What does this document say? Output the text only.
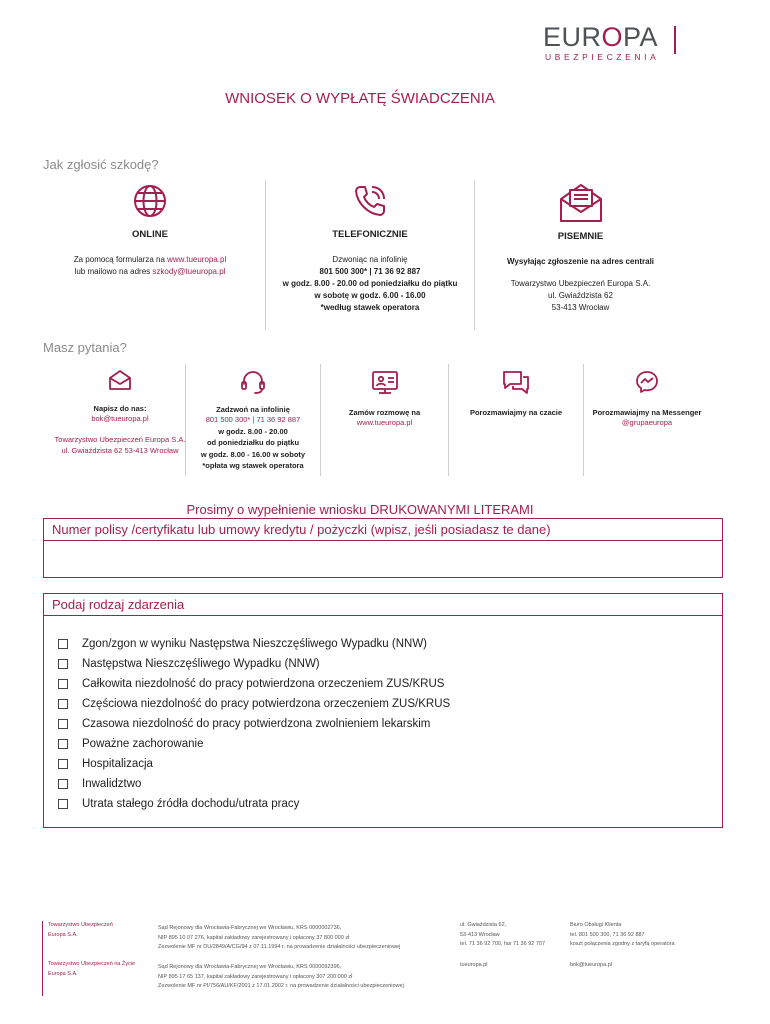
EUROPA
UBEZPIECZENIA
WNIOSEK O WYPŁATĘ ŚWIADCZENIA
Jak zgłosić szkodę?
ONLINE
Za pomocą formularza na www.tueuropa.pl
lub mailowo na adres szkody@tueuropa.pl
TELEFONICZNIE
Dzwoniąc na infolinię
801 500 300* | 71 36 92 887
w godz. 8.00 - 20.00 od poniedziałku do piątku
w sobotę w godz. 6.00 - 16.00
*według stawek operatora
PISEMNIE
Wysyłając zgłoszenie na adres centrali
Towarzystwo Ubezpieczeń Europa S.A.
ul. Gwiaździsta 62
53-413 Wrocław
Masz pytania?
Napisz do nas:
bok@tueuropa.pl
Towarzystwo Ubezpieczeń Europa S.A.
ul. Gwiaździsta 62 53-413 Wrocław
Zadzwoń na infolinię
801 500 300* | 71 36 92 887
w godz. 8.00 - 20.00
od poniedziałku do piątku
w godz. 8.00 - 16.00 w soboty
*opłata wg stawek operatora
Zamów rozmowę na
www.tueuropa.pl
Porozmawiajmy na czacie	Porozmawiajmy na Messenger
@grupaeuropa
Prosimy o wypełnienie wniosku DRUKOWANYMI LITERAMI
Numer polisy /certyfikatu lub umowy kredytu / pożyczki (wpisz, jeśli posiadasz te dane)
Podaj rodzaj zdarzenia
Zgon/zgon w wyniku Następstwa Nieszczęśliwego Wypadku (NNW)
Następstwa Nieszczęśliwego Wypadku (NNW)
Całkowita niezdolność do pracy potwierdzona orzeczeniem ZUS/KRUS
Częściowa niezdolność do pracy potwierdzona orzeczeniem ZUS/KRUS
Czasowa niezdolność do pracy potwierdzona zwolnieniem lekarskim
Poważne zachorowanie
Hospitalizacja
Inwalidztwo
Utrata stałego źródła dochodu/utrata pracy
Towarzystwo Ubezpieczeń
Europa S.A.
Towarzystwo Ubezpieczeń na Życie
Europa S.A.
Sąd Rejonowy dla Wrocławia-Fabrycznej we Wrocławiu, KRS 0000002736,
NIP 895 10 07 276, kapitał zakładowy zarejestrowany i opłacony 37 800 000 zł
Zezwolenie MF nr DU/2849/A/CG/94 z 07.11.1994 r. na prowadzenie działalności ubezpieczeniowej
Sąd Rejonowy dla Wrocławia-Fabrycznej we Wrocławiu, KRS 0000092396,
NIP 895 17 65 137, kapitał zakładowy zarejestrowany i opłacony 307 200 000 zł
Zezwolenie MF nr PI/756/AU/KF/2001 z 17.01.2002 r. na prowadzenie działalności ubezpieczeniowej
ul. Gwiaździsta 62,
53-413 Wrocław
tel. 71 36 92 700, fax 71 36 92 707
tueuropa.pl
Biuro Obsługi Klienta
tel. 801 500 300, 71 36 92 887
koszt połączenia zgodny z taryfą operatora
bok@tueuropa.pl
